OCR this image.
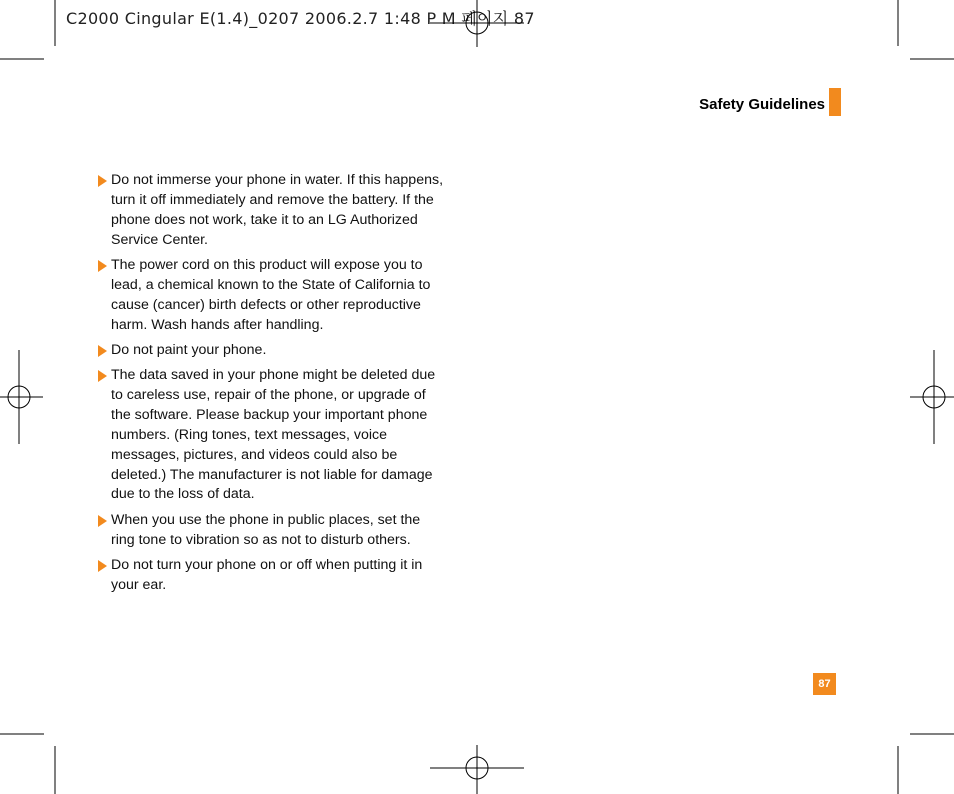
C2000 Cingular E(1.4)_0207 2006.2.7 1:48 P M 페이지 87
Safety Guidelines
Do not immerse your phone in water. If this happens, turn it off immediately and remove the battery. If the phone does not work, take it to an LG Authorized Service Center.
The power cord on this product will expose you to lead, a chemical known to the State of California to cause (cancer) birth defects or other reproductive harm. Wash hands after handling.
Do not paint your phone.
The data saved in your phone might be deleted due to careless use, repair of the phone, or upgrade of the software. Please backup your important phone numbers. (Ring tones, text messages, voice messages, pictures, and videos could also be deleted.) The manufacturer is not liable for damage due to the loss of data.
When you use the phone in public places, set the ring tone to vibration so as not to disturb others.
Do not turn your phone on or off when putting it in your ear.
87
